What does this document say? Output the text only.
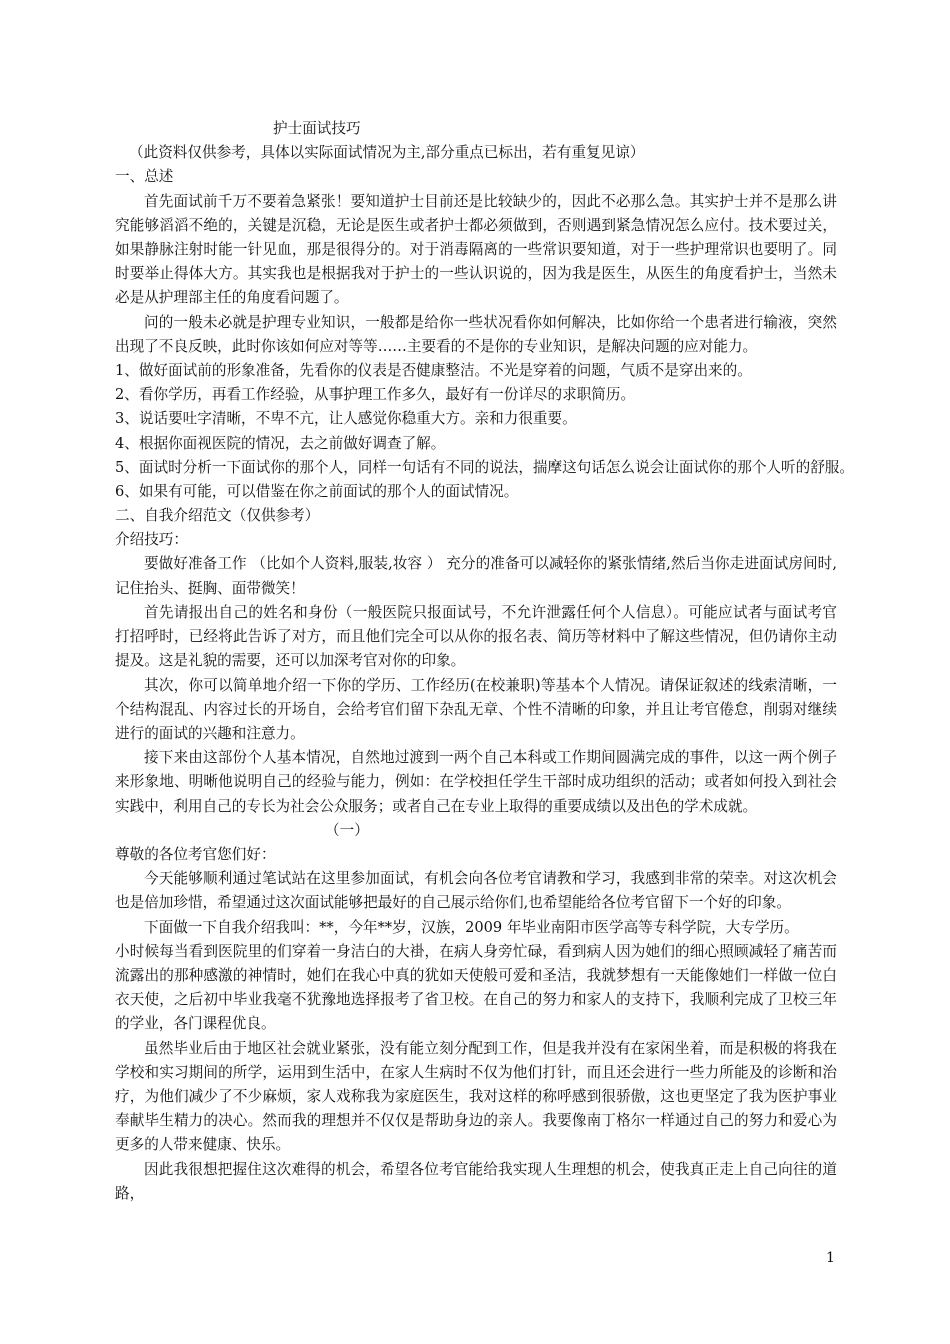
护士面试技巧
（此资料仅供参考，具体以实际面试情况为主,部分重点已标出，若有重复见谅）
一、总述

首先面试前千万不要着急紧张！要知道护士目前还是比较缺少的，因此不必那么急。其实护士并不是那么讲究能够滔滔不绝的，关键是沉稳，无论是医生或者护士都必须做到，否则遇到紧急情况怎么应付。技术要过关，如果静脉注射时能一针见血，那是很得分的。对于消毒隔离的一些常识要知道，对于一些护理常识也要明了。同时要举止得体大方。其实我也是根据我对于护士的一些认识说的，因为我是医生，从医生的角度看护士，当然未必是从护理部主任的角度看问题了。

问的一般未必就是护理专业知识，一般都是给你一些状况看你如何解决，比如你给一个患者进行输液，突然出现了不良反映，此时你该如何应对等等……主要看的不是你的专业知识，是解决问题的应对能力。

1、做好面试前的形象准备，先看你的仪表是否健康整洁。不光是穿着的问题，气质不是穿出来的。
2、看你学历，再看工作经验，从事护理工作多久，最好有一份详尽的求职简历。
3、说话要吐字清晰，不卑不亢，让人感觉你稳重大方。亲和力很重要。
4、根据你面视医院的情况，去之前做好调查了解。
5、面试时分析一下面试你的那个人，同样一句话有不同的说法，揣摩这句话怎么说会让面试你的那个人听的舒服。
6、如果有可能，可以借鉴在你之前面试的那个人的面试情况。
二、自我介绍范文（仅供参考）
介绍技巧：

要做好准备工作 （比如个人资料,服装,妆容 ） 充分的准备可以减轻你的紧张情绪,然后当你走进面试房间时,记住抬头、挺胸、面带微笑！

首先请报出自己的姓名和身份（一般医院只报面试号，不允许泄露任何个人信息）。可能应试者与面试考官打招呼时，已经将此告诉了对方，而且他们完全可以从你的报名表、简历等材料中了解这些情况，但仍请你主动提及。这是礼貌的需要，还可以加深考官对你的印象。

其次，你可以简单地介绍一下你的学历、工作经历(在校兼职)等基本个人情况。请保证叙述的线索清晰，一个结构混乱、内容过长的开场自，会给考官们留下杂乱无章、个性不清晰的印象，并且让考官倦怠，削弱对继续进行的面试的兴趣和注意力。

接下来由这部份个人基本情况，自然地过渡到一两个自己本科或工作期间圆满完成的事件，以这一两个例子来形象地、明晰他说明自己的经验与能力，例如：在学校担任学生干部时成功组织的活动；或者如何投入到社会实践中，利用自己的专长为社会公众服务；或者自己在专业上取得的重要成绩以及出色的学术成就。

（一）
尊敬的各位考官您们好：

今天能够顺利通过笔试站在这里参加面试，有机会向各位考官请教和学习，我感到非常的荣幸。对这次机会也是倍加珍惜，希望通过这次面试能够把最好的自己展示给你们,也希望能给各位考官留下一个好的印象。

下面做一下自我介绍我叫：**，今年**岁，汉族，2009 年毕业南阳市医学高等专科学院，大专学历。

小时候每当看到医院里的们穿着一身洁白的大褂，在病人身旁忙碌，看到病人因为她们的细心照顾减轻了痛苦而流露出的那种感激的神情时，她们在我心中真的犹如天使般可爱和圣洁，我就梦想有一天能像她们一样做一位白衣天使，之后初中毕业我毫不犹豫地选择报考了省卫校。在自己的努力和家人的支持下，我顺利完成了卫校三年的学业，各门课程优良。

虽然毕业后由于地区社会就业紧张，没有能立刻分配到工作，但是我并没有在家闲坐着，而是积极的将我在学校和实习期间的所学，运用到生活中，在家人生病时不仅为他们打针，而且还会进行一些力所能及的诊断和治疗，为他们减少了不少麻烦，家人戏称我为家庭医生，我对这样的称呼感到很骄傲，这也更坚定了我为医护事业奉献毕生精力的决心。然而我的理想并不仅仅是帮助身边的亲人。我要像南丁格尔一样通过自己的努力和爱心为更多的人带来健康、快乐。

因此我很想把握住这次难得的机会，希望各位考官能给我实现人生理想的机会，使我真正走上自己向往的道路，

1
